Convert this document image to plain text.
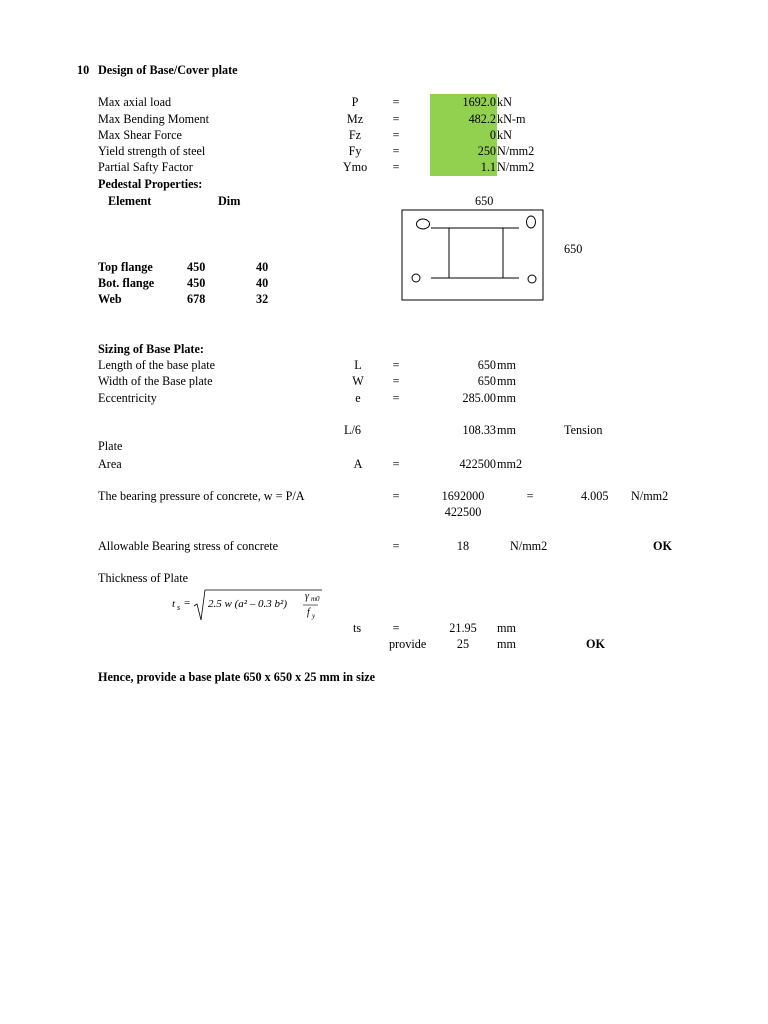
10 Design of Base/Cover plate
Max axial load	P	=	1692.0 kN
Max Bending Moment	Mz	=	482.2 kN-m
Max Shear Force	Fz	=	0 kN
Yield strength of steel	Fy	=	250 N/mm2
Partial Safty Factor	Ymo	=	1.1 N/mm2
Pedestal Properties:
Element	Dim
Top flange	450	40
Bot. flange	450	40
Web	678	32
650
650
Sizing of Base Plate:
Length of the base plate	L	=	650 mm
Width of the Base plate	W	=	650 mm
Eccentricity	e	=	285.00 mm
L/6	108.33 mm	Tension
Plate
Area	A	=	422500 mm2
The bearing pressure of concrete, w = P/A	=	1692000
422500
=	4.005 N/mm2
Allowable Bearing stress of concrete	=	18	N/mm2	OK
Thickness of Plate
t s = 2.5 w (a² – 0.3 b²)
γ m0
f y
ts	=	21.95	mm
provide	25	mm	OK
Hence, provide a base plate 650 x 650 x 25 mm in size
